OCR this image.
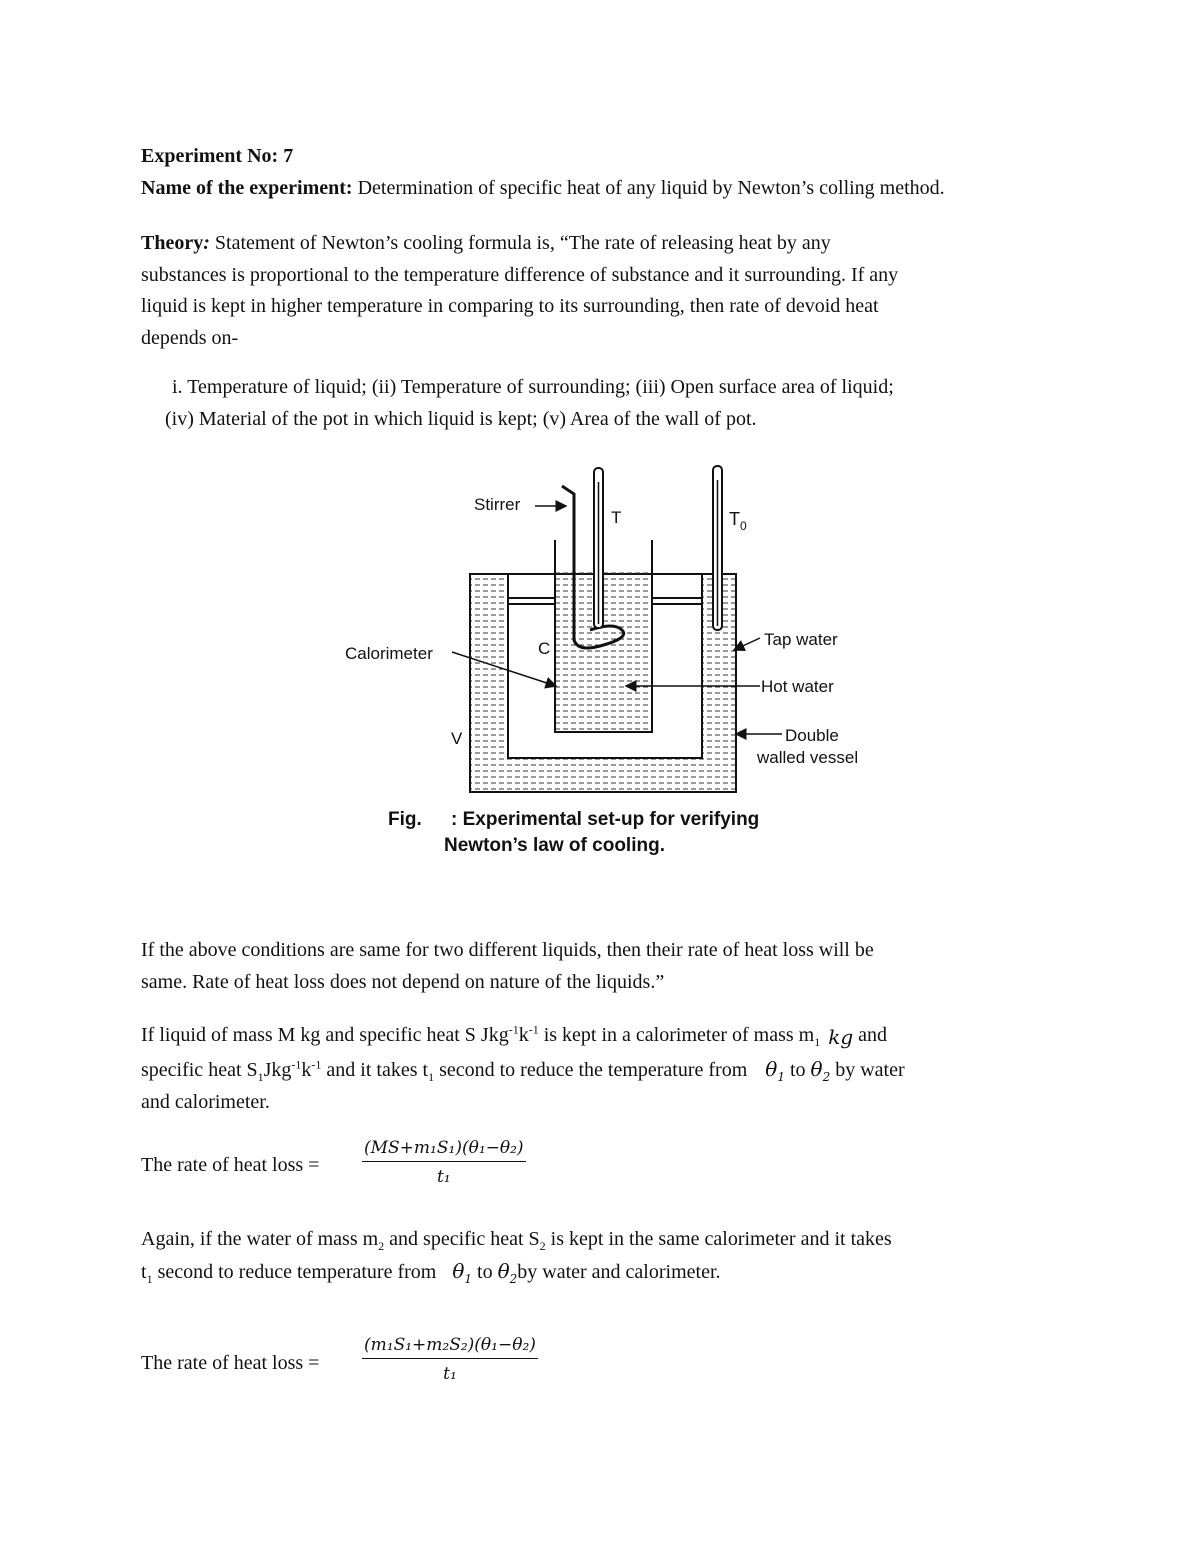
Experiment No: 7
Name of the experiment: Determination of specific heat of any liquid by Newton’s colling method.
Theory: Statement of Newton’s cooling formula is, “The rate of releasing heat by any
substances is proportional to the temperature difference of substance and it surrounding. If any
liquid is kept in higher temperature in comparing to its surrounding, then rate of devoid heat
depends on-
i. Temperature of liquid; (ii) Temperature of surrounding; (iii) Open surface area of liquid;
(iv) Material of the pot in which liquid is kept; (v) Area of the wall of pot.
Stirrer
T	$T_0$
Calorimeter	C
V
Tap water
Hot water
Double
walled vessel
Fig. : Experimental set-up for verifying
Newton’s law of cooling.
If the above conditions are same for two different liquids, then their rate of heat loss will be
same. Rate of heat loss does not depend on nature of the liquids.”
If liquid of mass M kg and specific heat S $Jkg^{-1}k^{-1}$ is kept in a calorimeter of mass $m_1$ kg and
specific heat $S_1Jkg^{-1}k^{-1}$ and it takes $t_1$ second to reduce the temperature from $\theta_1$ to $\theta_2$ by water
and calorimeter.
The rate of heat loss =	$\frac{\text{(MS+m₁S₁)(θ₁−θ₂)}}{\text{t₁}}$
Again, if the water of mass $m_2$ and specific heat $S_2$ is kept in the same calorimeter and it takes
$t_1$ second to reduce temperature from $\theta_1$ to $\theta_2by$ water and calorimeter.
The rate of heat loss =	$\frac{\text{(m₁S₁+m₂S₂)(θ₁−θ₂)}}{\text{t₁}}$
